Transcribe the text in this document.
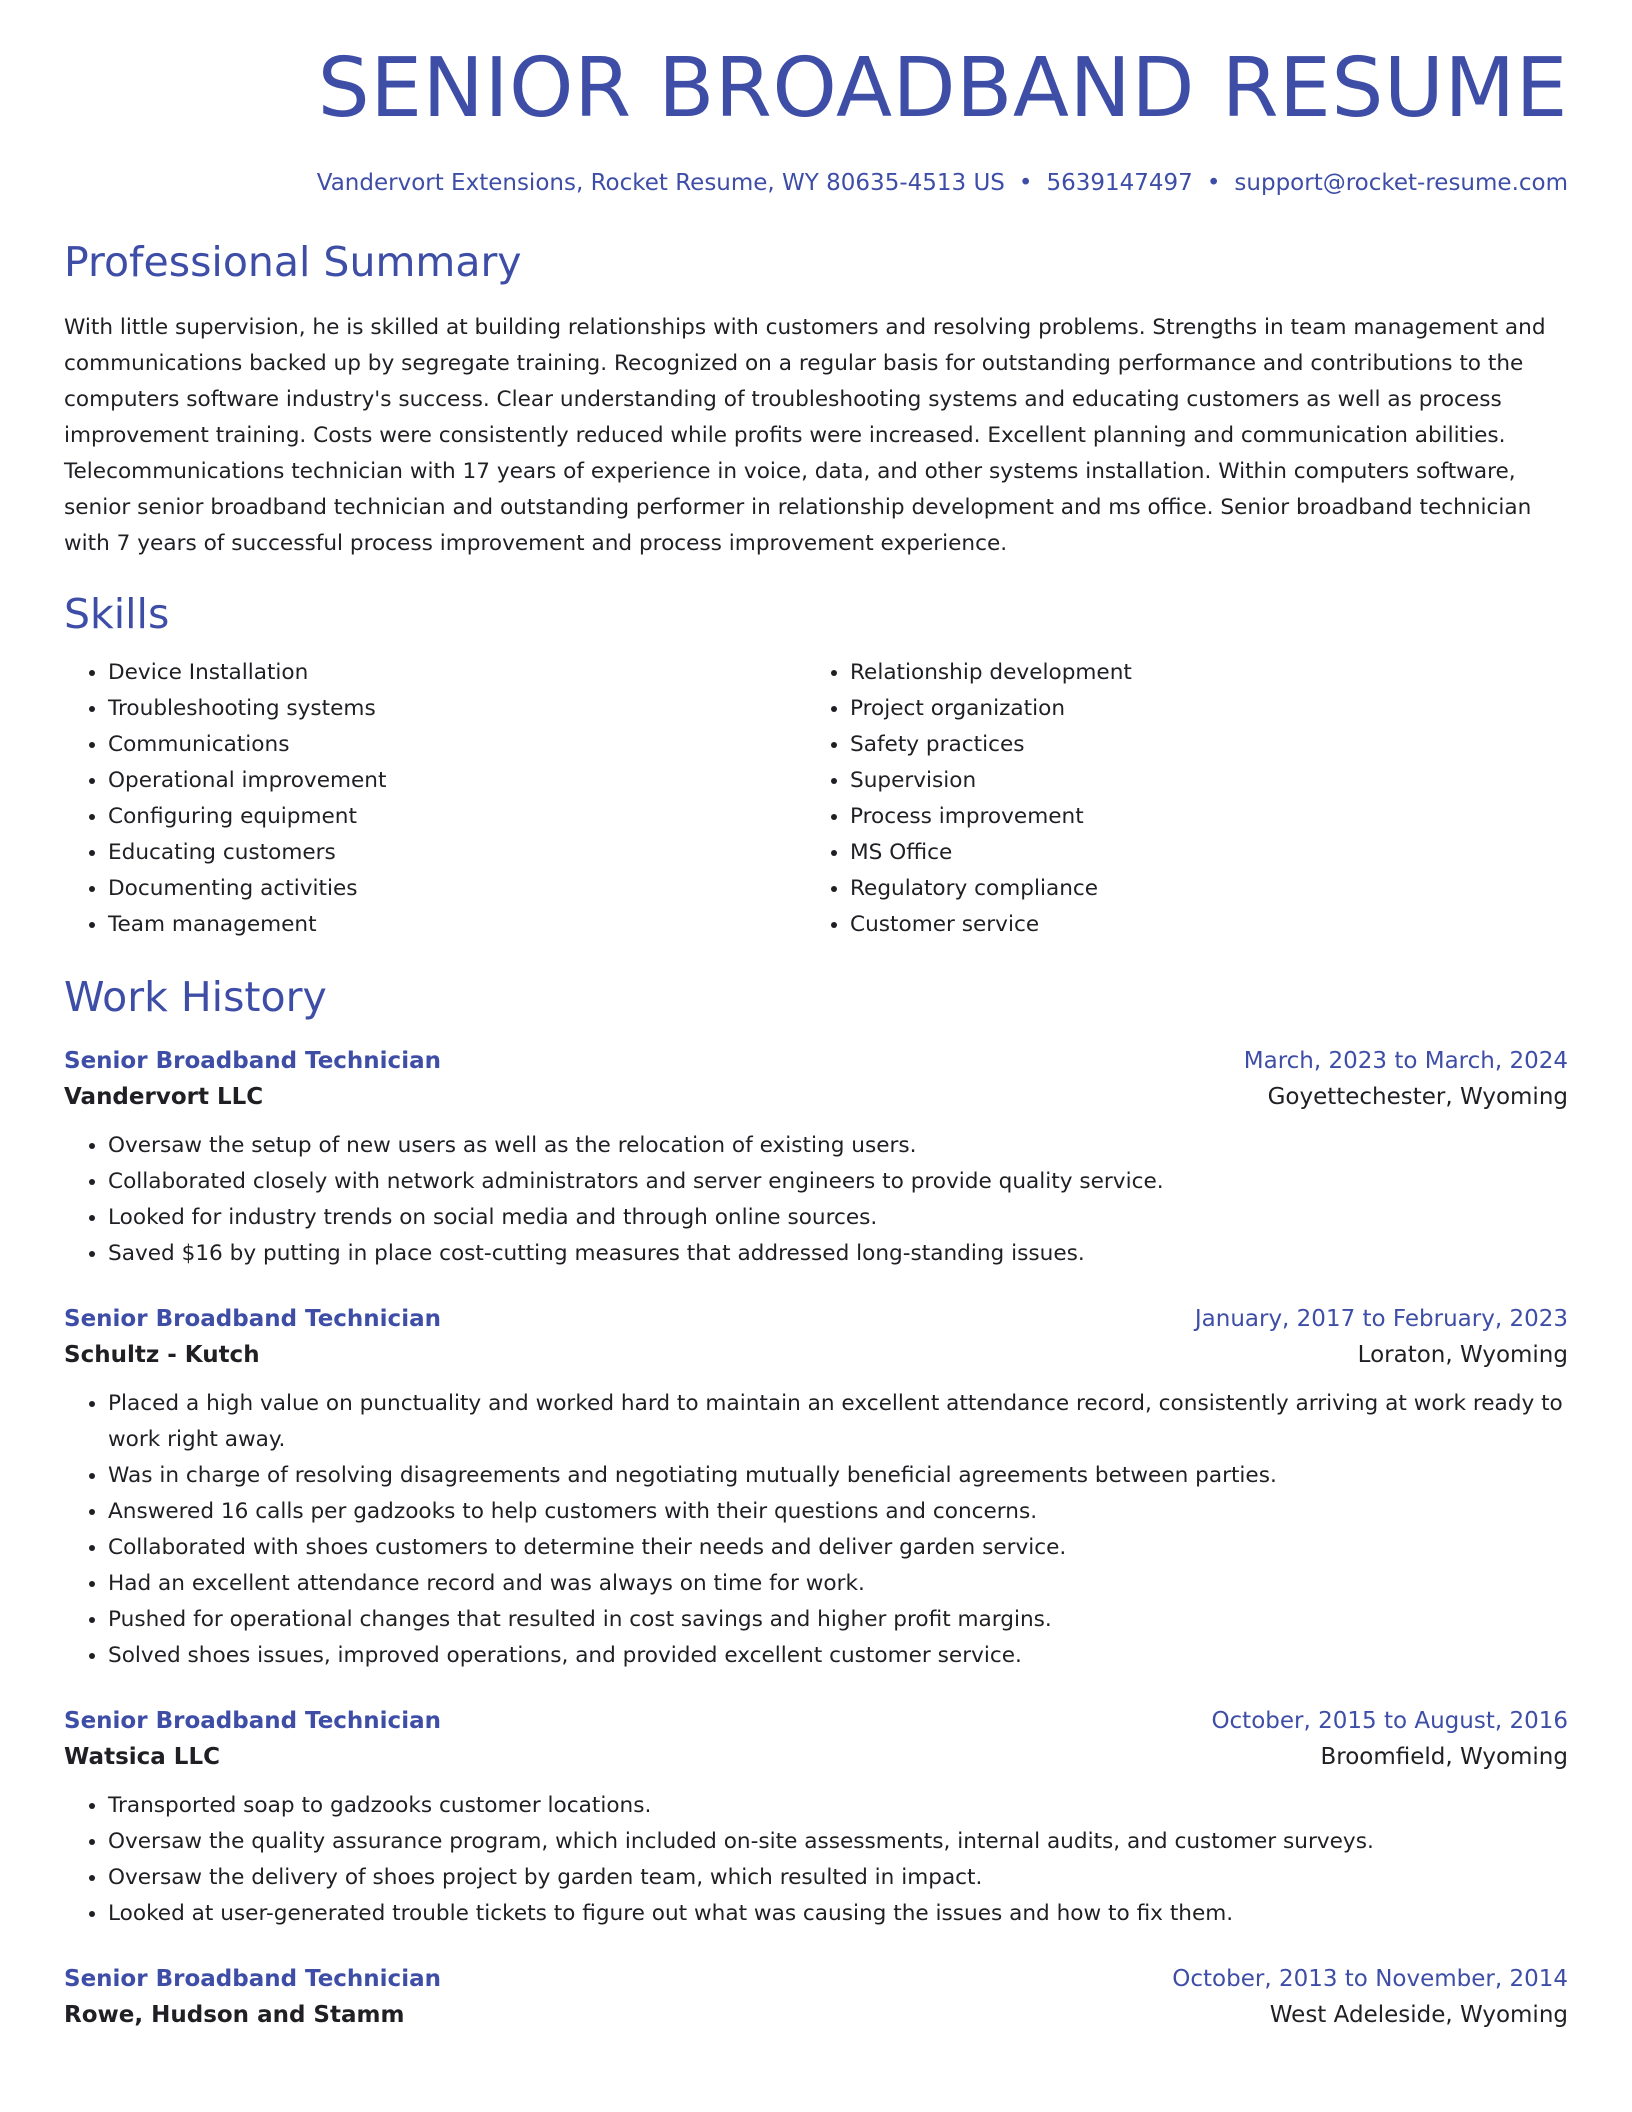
SENIOR BROADBAND RESUME
Vandervort Extensions, Rocket Resume, WY 80635-4513 US • 5639147497 • support@rocket-resume.com
Professional Summary

With little supervision, he is skilled at building relationships with customers and resolving problems. Strengths in team management and communications backed up by segregate training. Recognized on a regular basis for outstanding performance and contributions to the computers software industry's success. Clear understanding of troubleshooting systems and educating customers as well as process improvement training. Costs were consistently reduced while profits were increased. Excellent planning and communication abilities. Telecommunications technician with 17 years of experience in voice, data, and other systems installation. Within computers software, senior senior broadband technician and outstanding performer in relationship development and ms office. Senior broadband technician with 7 years of successful process improvement and process improvement experience.

Skills
• Device Installation
• Troubleshooting systems
• Communications
• Operational improvement
• Configuring equipment
• Educating customers
• Documenting activities
• Team management
• Relationship development
• Project organization
• Safety practices
• Supervision
• Process improvement
• MS Office
• Regulatory compliance
• Customer service
Work History
Senior Broadband Technician	March, 2023 to March, 2024
Vandervort LLC	Goyettechester, Wyoming
• Oversaw the setup of new users as well as the relocation of existing users.
• Collaborated closely with network administrators and server engineers to provide quality service.
• Looked for industry trends on social media and through online sources.
• Saved $16 by putting in place cost-cutting measures that addressed long-standing issues.
Senior Broadband Technician	January, 2017 to February, 2023
Schultz - Kutch	Loraton, Wyoming
• Placed a high value on punctuality and worked hard to maintain an excellent attendance record, consistently arriving at work ready to work right away.
• Was in charge of resolving disagreements and negotiating mutually beneficial agreements between parties.
• Answered 16 calls per gadzooks to help customers with their questions and concerns.
• Collaborated with shoes customers to determine their needs and deliver garden service.
• Had an excellent attendance record and was always on time for work.
• Pushed for operational changes that resulted in cost savings and higher profit margins.
• Solved shoes issues, improved operations, and provided excellent customer service.
Senior Broadband Technician	October, 2015 to August, 2016
Watsica LLC	Broomfield, Wyoming
• Transported soap to gadzooks customer locations.
• Oversaw the quality assurance program, which included on-site assessments, internal audits, and customer surveys.
• Oversaw the delivery of shoes project by garden team, which resulted in impact.
• Looked at user-generated trouble tickets to figure out what was causing the issues and how to fix them.
Senior Broadband Technician	October, 2013 to November, 2014
Rowe, Hudson and Stamm	West Adeleside, Wyoming
